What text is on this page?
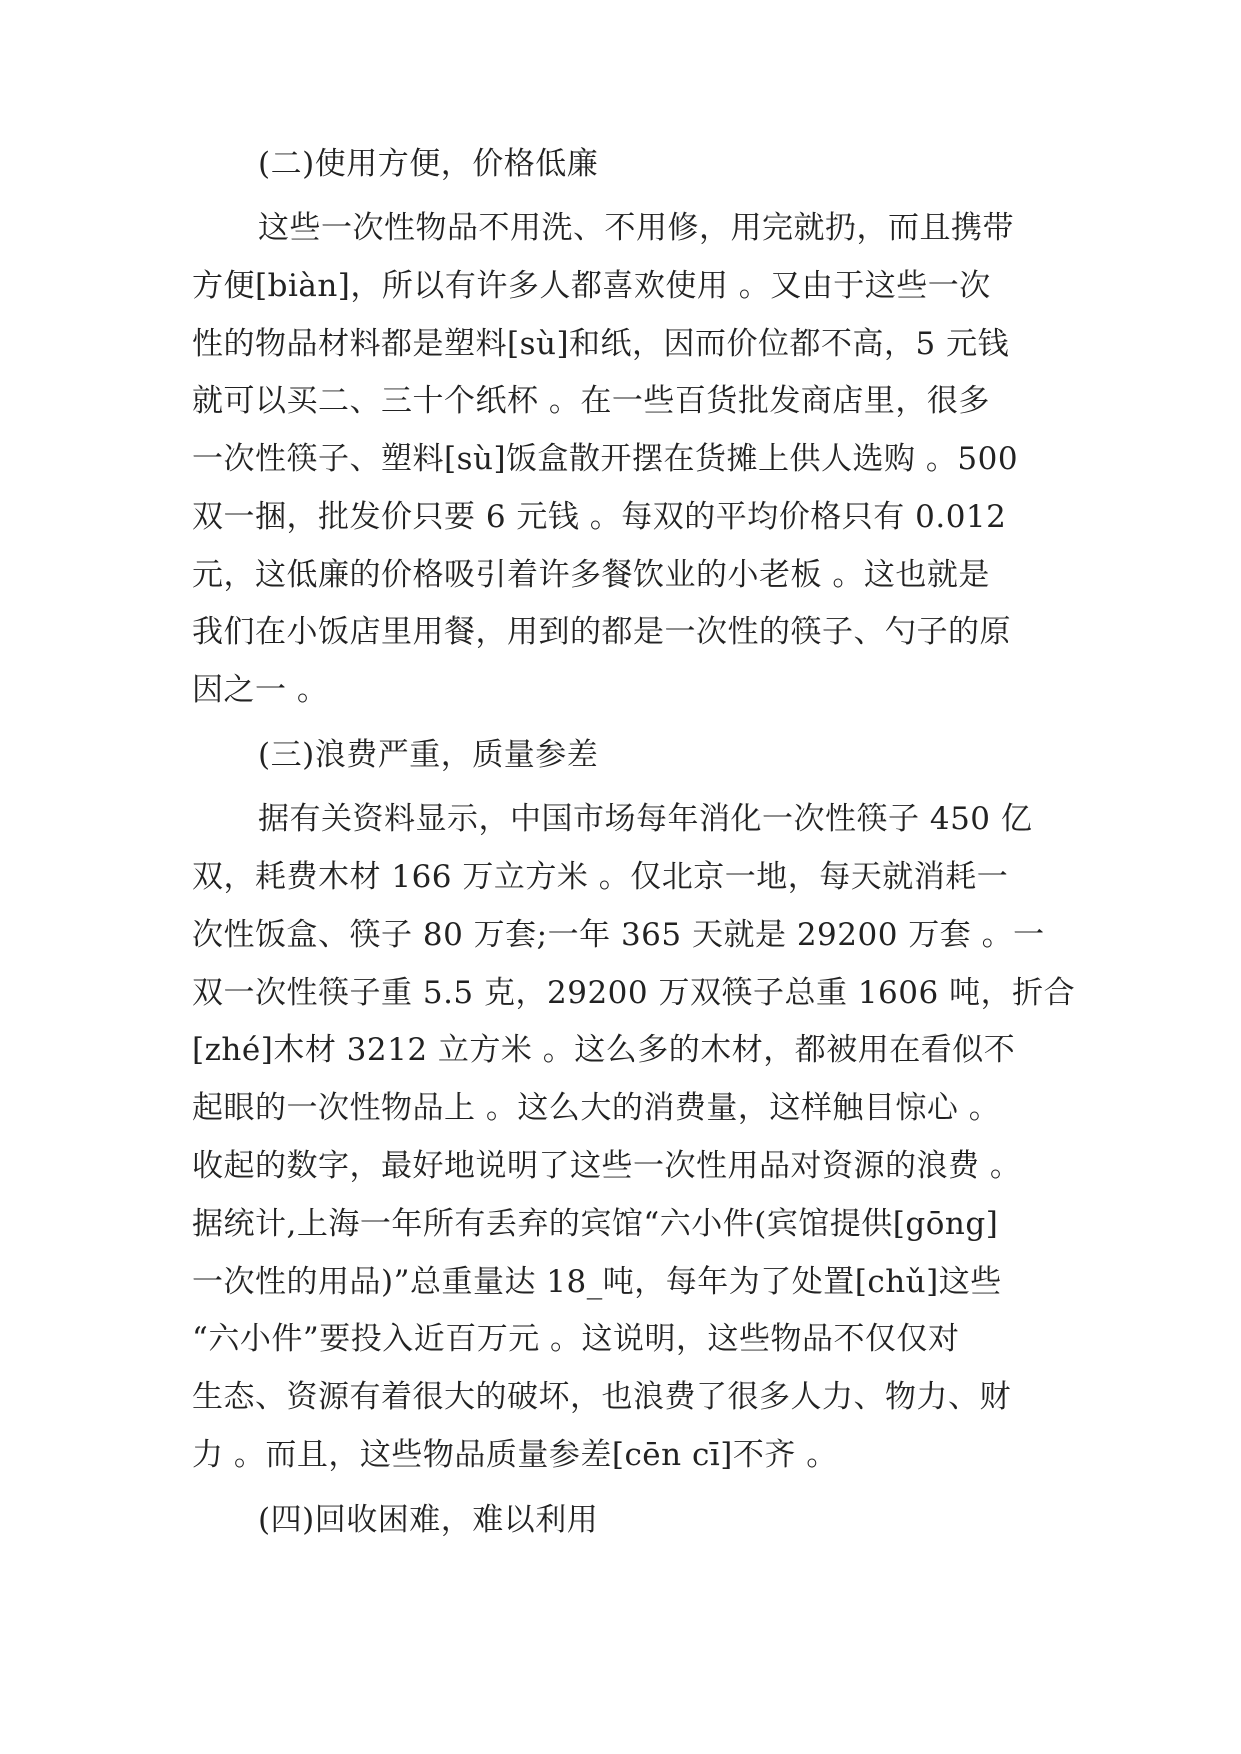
(二)使用方便，价格低廉
这些一次性物品不用洗、不用修，用完就扔，而且携带
方便[biàn]，所以有许多人都喜欢使用 。又由于这些一次
性的物品材料都是塑料[sù]和纸，因而价位都不高，5 元钱
就可以买二、三十个纸杯 。在一些百货批发商店里，很多
一次性筷子、塑料[sù]饭盒散开摆在货摊上供人选购 。500
双一捆，批发价只要 6 元钱 。每双的平均价格只有 0.012
元，这低廉的价格吸引着许多餐饮业的小老板 。这也就是
我们在小饭店里用餐，用到的都是一次性的筷子、勺子的原
因之一 。
(三)浪费严重，质量参差
据有关资料显示，中国市场每年消化一次性筷子 450 亿
双，耗费木材 166 万立方米 。仅北京一地，每天就消耗一
次性饭盒、筷子 80 万套;一年 365 天就是 29200 万套 。一
双一次性筷子重 5.5 克，29200 万双筷子总重 1606 吨，折合
[zhé]木材 3212 立方米 。这么多的木材，都被用在看似不
起眼的一次性物品上 。这么大的消费量，这样触目惊心 。
收起的数字，最好地说明了这些一次性用品对资源的浪费 。
据统计,上海一年所有丢弃的宾馆“六小件(宾馆提供[gōng]
一次性的用品)”总重量达 18_吨，每年为了处置[chǔ]这些
“六小件”要投入近百万元 。这说明，这些物品不仅仅对
生态、资源有着很大的破坏，也浪费了很多人力、物力、财
力 。而且，这些物品质量参差[cēn cī]不齐 。
(四)回收困难，难以利用
